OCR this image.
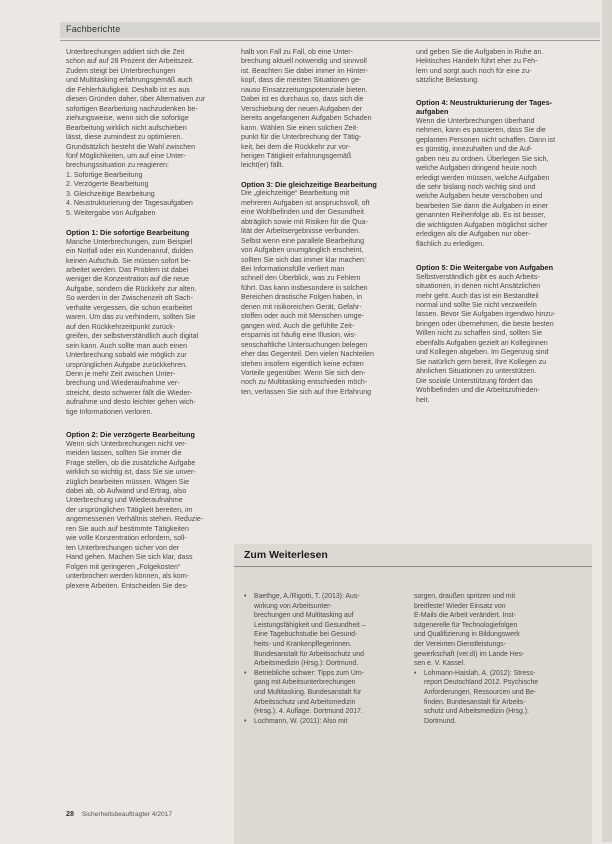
Fachberichte

Unterbrechungen addiert sich die Zeit
schon auf auf 28 Prozent der Arbeitszeit.
Zudem steigt bei Unterbrechungen
und Multitasking erfahrungsgemäß auch
die Fehlerhäufigkeit. Deshalb ist es aus
diesen Gründen daher, über Alternativen zur
sofortigen Bearbeitung nachzudenken be-
ziehungsweise, wenn sich die sofortige
Bearbeitung wirklich nicht aufschieben
lässt, diese zumindest zu optimieren.
Grundsätzlich besteht die Wahl zwischen
fünf Möglichkeiten, um auf eine Unter-
brechungssituation zu reagieren:

1. Sofortige Bearbeitung
2. Verzögerte Bearbeitung
3. Gleichzeitige Bearbeitung
4. Neustrukturierung der Tagesaufgaben
5. Weitergabe von Aufgaben

Option 1: Die sofortige Bearbeitung

Manche Unterbrechungen, zum Beispiel
ein Notfall oder ein Kundenanruf, dulden
keinen Aufschub. Sie müssen sofort be-
arbeitet werden. Das Problem ist dabei
weniger die Konzentration auf die neue
Aufgabe, sondern die Rückkehr zur alten.
So werden in der Zwischenzeit oft Sach-
verhalte vergessen, die schon erarbeitet
waren. Um das zu verhindern, sollten Sie
auf den Rückkehrzeitpunkt zurück-
greifen, der selbstverständlich auch digital
sein kann. Auch sollte man auch einen
Unterbrechung sobald wie möglich zur
ursprünglichen Aufgabe zurückkehren.
Denn je mehr Zeit zwischen Unter-
brechung und Wiederaufnahme ver-
streicht, desto schwerer fällt die Wieder-
aufnahme und desto leichter gehen wich-
tige Informationen verloren.

Option 2: Die verzögerte Bearbeitung

Wenn sich Unterbrechungen nicht ver-
meiden lassen, sollten Sie immer die
Frage stellen, ob die zusätzliche Aufgabe
wirklich so wichtig ist, dass Sie sie unver-
züglich bearbeiten müssen. Wägen Sie
dabei ab, ob Aufwand und Ertrag, also
Unterbrechung und Wiederaufnahme
der ursprünglichen Tätigkeit bereiten, im
angemessenen Verhältnis stehen. Reduzie-
ren Sie auch auf bestimmte Tätigkeiten
wie volle Konzentration erfordern, soll-
ten Unterbrechungen sicher von der
Hand gehen. Machen Sie sich klar, dass
Folgen mit geringeren „Folgekosten“
unterbrochen werden können, als kom-
plexere Arbeiten. Entscheiden Sie des-

halb von Fall zu Fall, ob eine Unter-
brechung aktuell notwendig und sinnvoll
ist. Beachten Sie dabei immer im Hinter-
kopf, dass die meisten Situationen ge-
nauso Einsatzzeitungspotenziale bieten.
Dabei ist es durchaus so, dass sich die
Verschiebung der neuen Aufgaben der
bereits angefangenen Aufgaben Schaden
kann. Wählen Sie einen solchen Zeit-
punkt für die Unterbrechung der Tätig-
keit, bei dem die Rückkehr zur vor-
herigen Tätigkeit erfahrungsgemäß
leicht(er) fällt.

Option 3: Die gleichzeitige Bearbeitung

Die „gleichzeitige“ Bearbeitung mit
mehreren Aufgaben ist anspruchsvoll, oft
eine Wohlbefinden und der Gesundheit
abträglich sowie mit Risiken für die Qua-
lität der Arbeitsergebnisse verbunden.
Selbst wenn eine parallele Bearbeitung
von Aufgaben unumgänglich erscheint,
sollten Sie sich das immer klar machen:
Bei Informationsfülle verliert man
schnell den Überblick, was zu Fehlern
führt. Das kann insbesondere in solchen
Bereichen drastische Folgen haben, in
denen mit risikoreichen Gerät, Gefahr-
stoffen oder auch mit Menschen umge-
gangen wird. Auch die gefühlte Zeit-
ersparnis ist häufig eine Illusion, wis-
senschaftliche Untersuchungen belegen
eher das Gegenteil. Den vielen Nachteilen
stehen insofern eigentlich keine echten
Vorteile gegenüber. Wenn Sie sich den-
noch zu Multitasking entschieden möch-
ten, verlassen Sie sich auf Ihre Erfahrung

und geben Sie die Aufgaben in Ruhe an.
Hektisches Handeln führt eher zu Feh-
lern und sorgt auch noch für eine zu-
sätzliche Belastung.

Option 4: Neustrukturierung der Tages-
aufgaben

Wenn die Unterbrechungen überhand
nehmen, kann es passieren, dass Sie die
geplanten Personen nicht schaffen. Dann ist
es günstig, innezuhalten und die Auf-
gaben neu zu ordnen. Überlegen Sie sich,
welche Aufgaben dringend heute noch
erledigt werden müssen, welche Aufgaben
die sehr bislang noch wichtig sind und
welche Aufgaben heute verschoben und
bearbeiten Sie dann die Aufgaben in einer
genannten Reihenfolge ab. Es ist besser,
die wichtigsten Aufgaben möglichst sicher
erledigen als die Aufgaben nur ober-
flächlich zu erledigen.

Option 5: Die Weitergabe von Aufgaben

Selbstverständlich gibt es auch Arbeits-
situationen, in denen nicht Ansätzlichen
mehr geht. Auch das ist ein Bestandteil
normal und sollte Sie nicht verzweifeln
lassen. Bevor Sie Aufgaben irgendwo hinzu-
bringen oder übernehmen, die beste besten
Willen nicht zu schaffen sind, sollten Sie
ebenfalls Aufgaben gezielt an Kolleginnen
und Kollegen abgeben. Im Gegenzug sind
Sie natürlich gern bereit, Ihre Kollegen zu
ähnlichen Situationen zu unterstützen.
Die soziale Unterstützung fördert das
Wohlbefinden und die Arbeitszufrieden-
heit.

Zum Weiterlesen
• Baethge, A./Rigotti, T. (2013): Aus-
wirkung von Arbeitsunter-
brechungen und Multitasking auf
Leistungsfähigkeit und Gesundheit –
Eine Tagebuchstudie bei Gesund-
heits- und Krankenpflegerinnen.
Bundesanstalt für Arbeitsschutz und
Arbeitsmedizin (Hrsg.): Dortmund.
• Betriebliche schwer: Tipps zum Um-
gang mit Arbeitsunterbrechungen
und Multitasking. Bundesanstalt für
Arbeitsschutz und Arbeitsmedizin
(Hrsg.). 4. Auflage. Dortmund 2017.
• Lochmann, W. (2011): Also mit
sorgen, draußen spritzen und mit
breitfeste! Wieder Einsatz von
E-Mails die Arbeit verändert. Inst-
tutgenerelle für Technologiefolgen
und Qualifizierung in Bildungswerk
der Vereinten Dienstleistungs-
gewerkschaft (ver.di) im Lande Hes-
sen e. V. Kassel.
• Lohmann-Haislah, A. (2012): Stress-
report Deutschland 2012. Psychische
Anforderungen, Ressourcen und Be-
finden. Bundesanstalt für Arbeits-
schutz und Arbeitsmedizin (Hrsg.):
Dortmund.
28 Sicherheitsbeauftragter 4/2017
